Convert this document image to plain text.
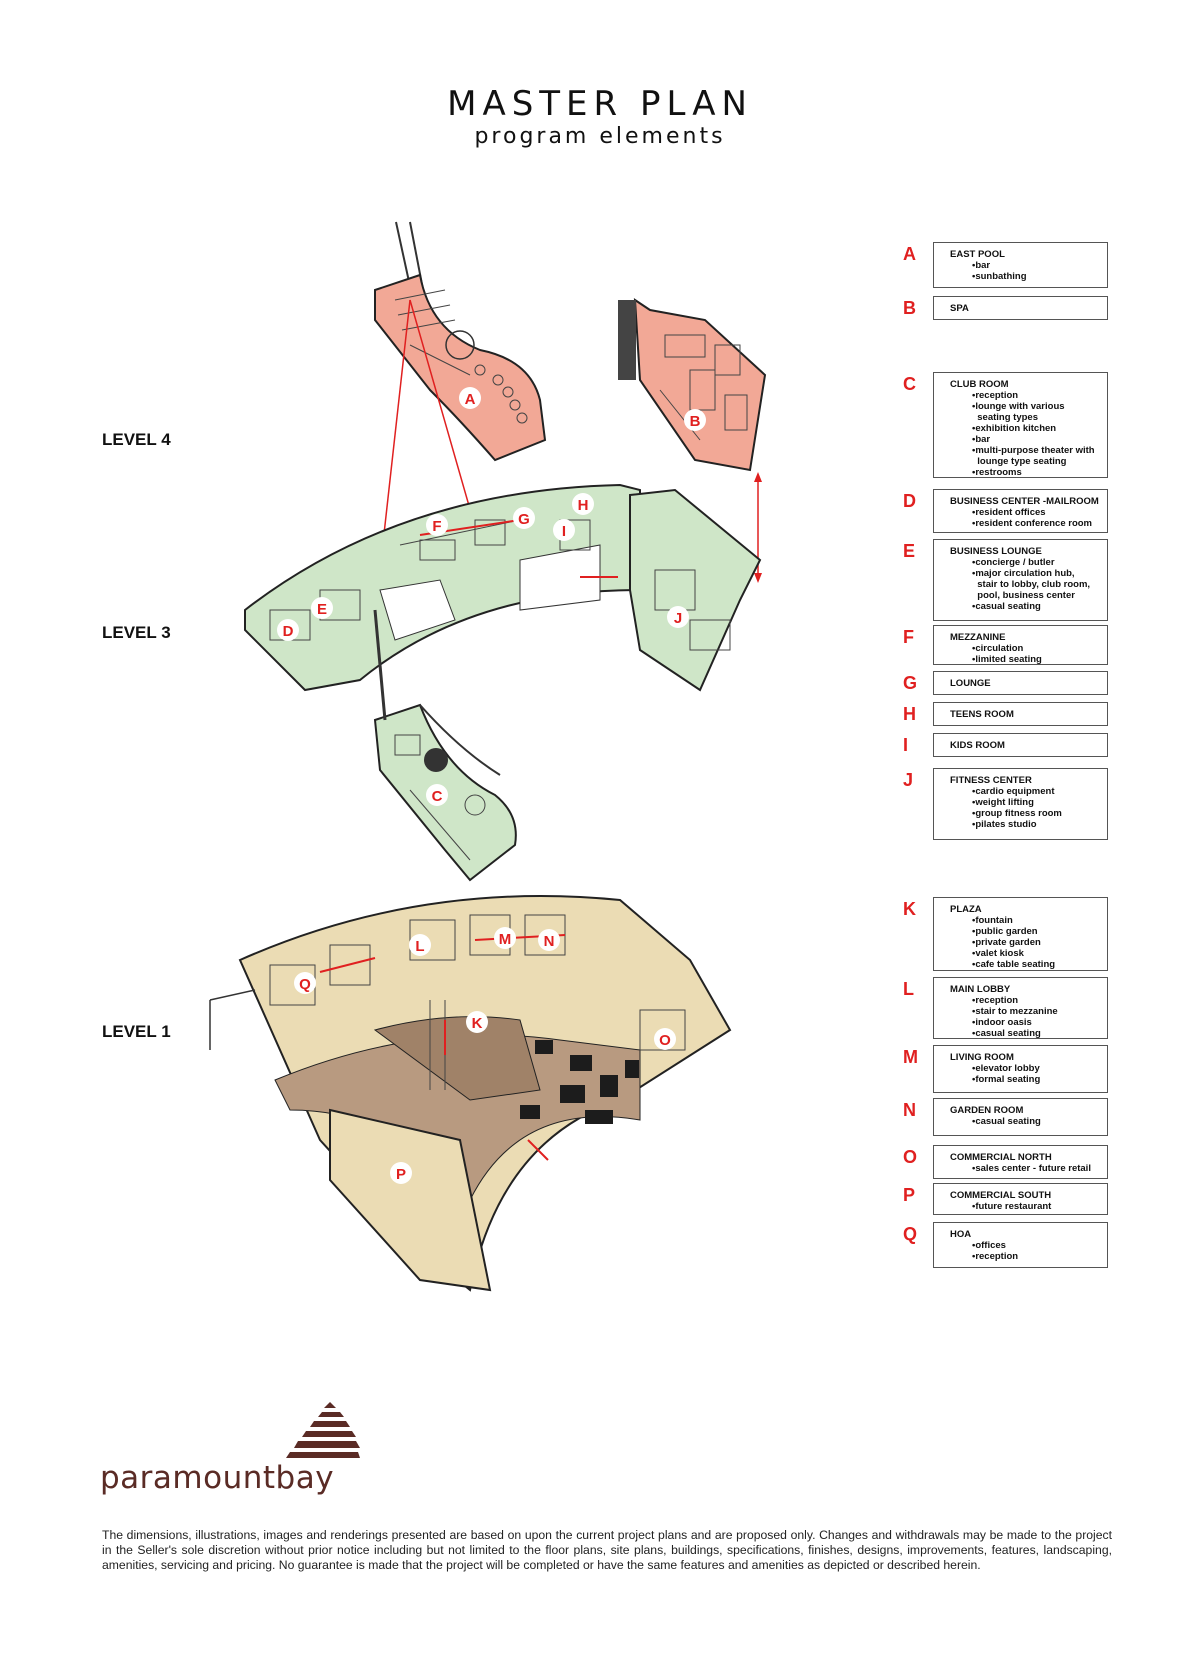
MASTER PLAN
program elements
LEVEL 4
LEVEL 3
LEVEL 1
A
B
C
D
E
F	G
H
I
J
K
L	M N
O
P
Q
A	EAST POOL
•bar
•sunbathing
B	SPA
C	CLUB ROOM
•reception
•lounge with various
seating types
•exhibition kitchen
•bar
•multi-purpose theater with
lounge type seating
•restrooms
D	BUSINESS CENTER -MAILROOM
•resident offices
•resident conference room
E	BUSINESS LOUNGE
•concierge / butler
•major circulation hub,
stair to lobby, club room,
pool, business center
•casual seating
F	MEZZANINE
•circulation
•limited seating
G	LOUNGE
H	TEENS ROOM
I	KIDS ROOM
J	FITNESS CENTER
•cardio equipment
•weight lifting
•group fitness room
•pilates studio
K	PLAZA
•fountain
•public garden
•private garden
•valet kiosk
•cafe table seating
L	MAIN LOBBY
•reception
•stair to mezzanine
•indoor oasis
•casual seating
M	LIVING ROOM
•elevator lobby
•formal seating
N	GARDEN ROOM
•casual seating
O	COMMERCIAL NORTH
•sales center - future retail
P	COMMERCIAL SOUTH
•future restaurant
Q	HOA
•offices
•reception
paramountbay
The dimensions, illustrations, images and renderings presented are based on upon the current project plans and are proposed only. Changes and withdrawals may be made to the project in the Seller's sole discretion without prior notice including but not limited to the floor plans, site plans, buildings, specifications, finishes, designs, improvements, features, landscaping, amenities, servicing and pricing. No guarantee is made that the project will be completed or have the same features and amenities as depicted or described herein.
